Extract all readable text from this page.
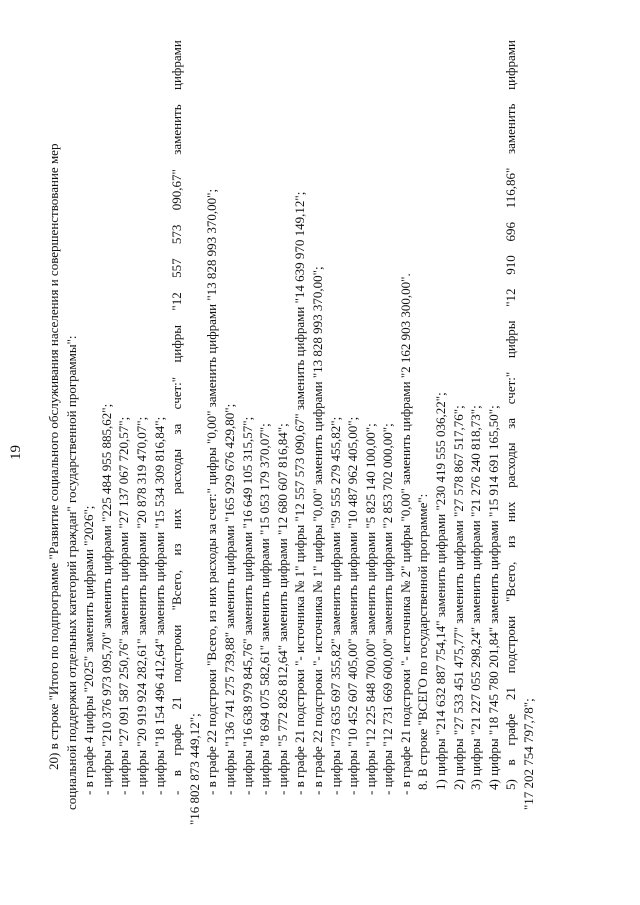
19 20) в строке "Итого по подпрограмме "Развитие социального обслуживания населения и совершенствование мер социальной поддержки отдельных категорий граждан" государственной программы": - в графе 4 цифры "2025" заменить цифрами "2026"; - цифры "210 376 973 095,70" заменить цифрами "225 484 955 885,62"; - цифры "27 091 587 250,76" заменить цифрами "27 137 067 720,57"; - цифры "20 919 924 282,61" заменить цифрами "20 878 319 470,07"; - цифры "18 154 496 412,64" заменить цифрами "15 534 309 816,84"; -
в
графе
21
подстроки
"Всего,
из
них
расходы
за
счет:"
цифры
"12
557
573
090,67"
заменить
цифрами
"16 802 873 449,12"; - в графе 22 подстроки "Всего, из них расходы за счет:" цифры "0,00" заменить цифрами "13 828 993 370,00"; - цифры "136 741 275 739,88" заменить цифрами "165 929 676 429,80"; - цифры "16 638 979 845,76" заменить цифрами "16 649 105 315,57"; - цифры "8 694 075 582,61" заменить цифрами "15 053 179 370,07"; - цифры "5 772 826 812,64" заменить цифрами "12 680 607 816,84"; - в графе 21 подстроки "- источника № 1" цифры "12 557 573 090,67" заменить цифрами "14 639 970 149,12"; - в графе 22 подстроки "- источника № 1" цифры "0,00" заменить цифрами "13 828 993 370,00"; - цифры "73 635 697 355,82" заменить цифрами "59 555 279 455,82"; - цифры "10 452 607 405,00" заменить цифрами "10 487 962 405,00"; - цифры "12 225 848 700,00" заменить цифрами "5 825 140 100,00"; - цифры "12 731 669 600,00" заменить цифрами "2 853 702 000,00"; - в графе 21 подстроки "- источника № 2" цифры "0,00" заменить цифрами "2 162 903 300,00". 8. В строке "ВСЕГО по государственной программе": 1) цифры "214 632 887 754,14" заменить цифрами "230 419 555 036,22"; 2) цифры "27 533 451 475,77" заменить цифрами "27 578 867 517,76"; 3) цифры "21 227 055 298,24" заменить цифрами "21 276 240 818,73"; 4) цифры "18 745 780 201,84" заменить цифрами "15 914 691 165,50"; 5)
в
графе
21
подстроки
"Всего,
из
них
расходы
за
счет:"
цифры
"12
910
696
116,86"
заменить
цифрами
"17 202 754 797,78";
